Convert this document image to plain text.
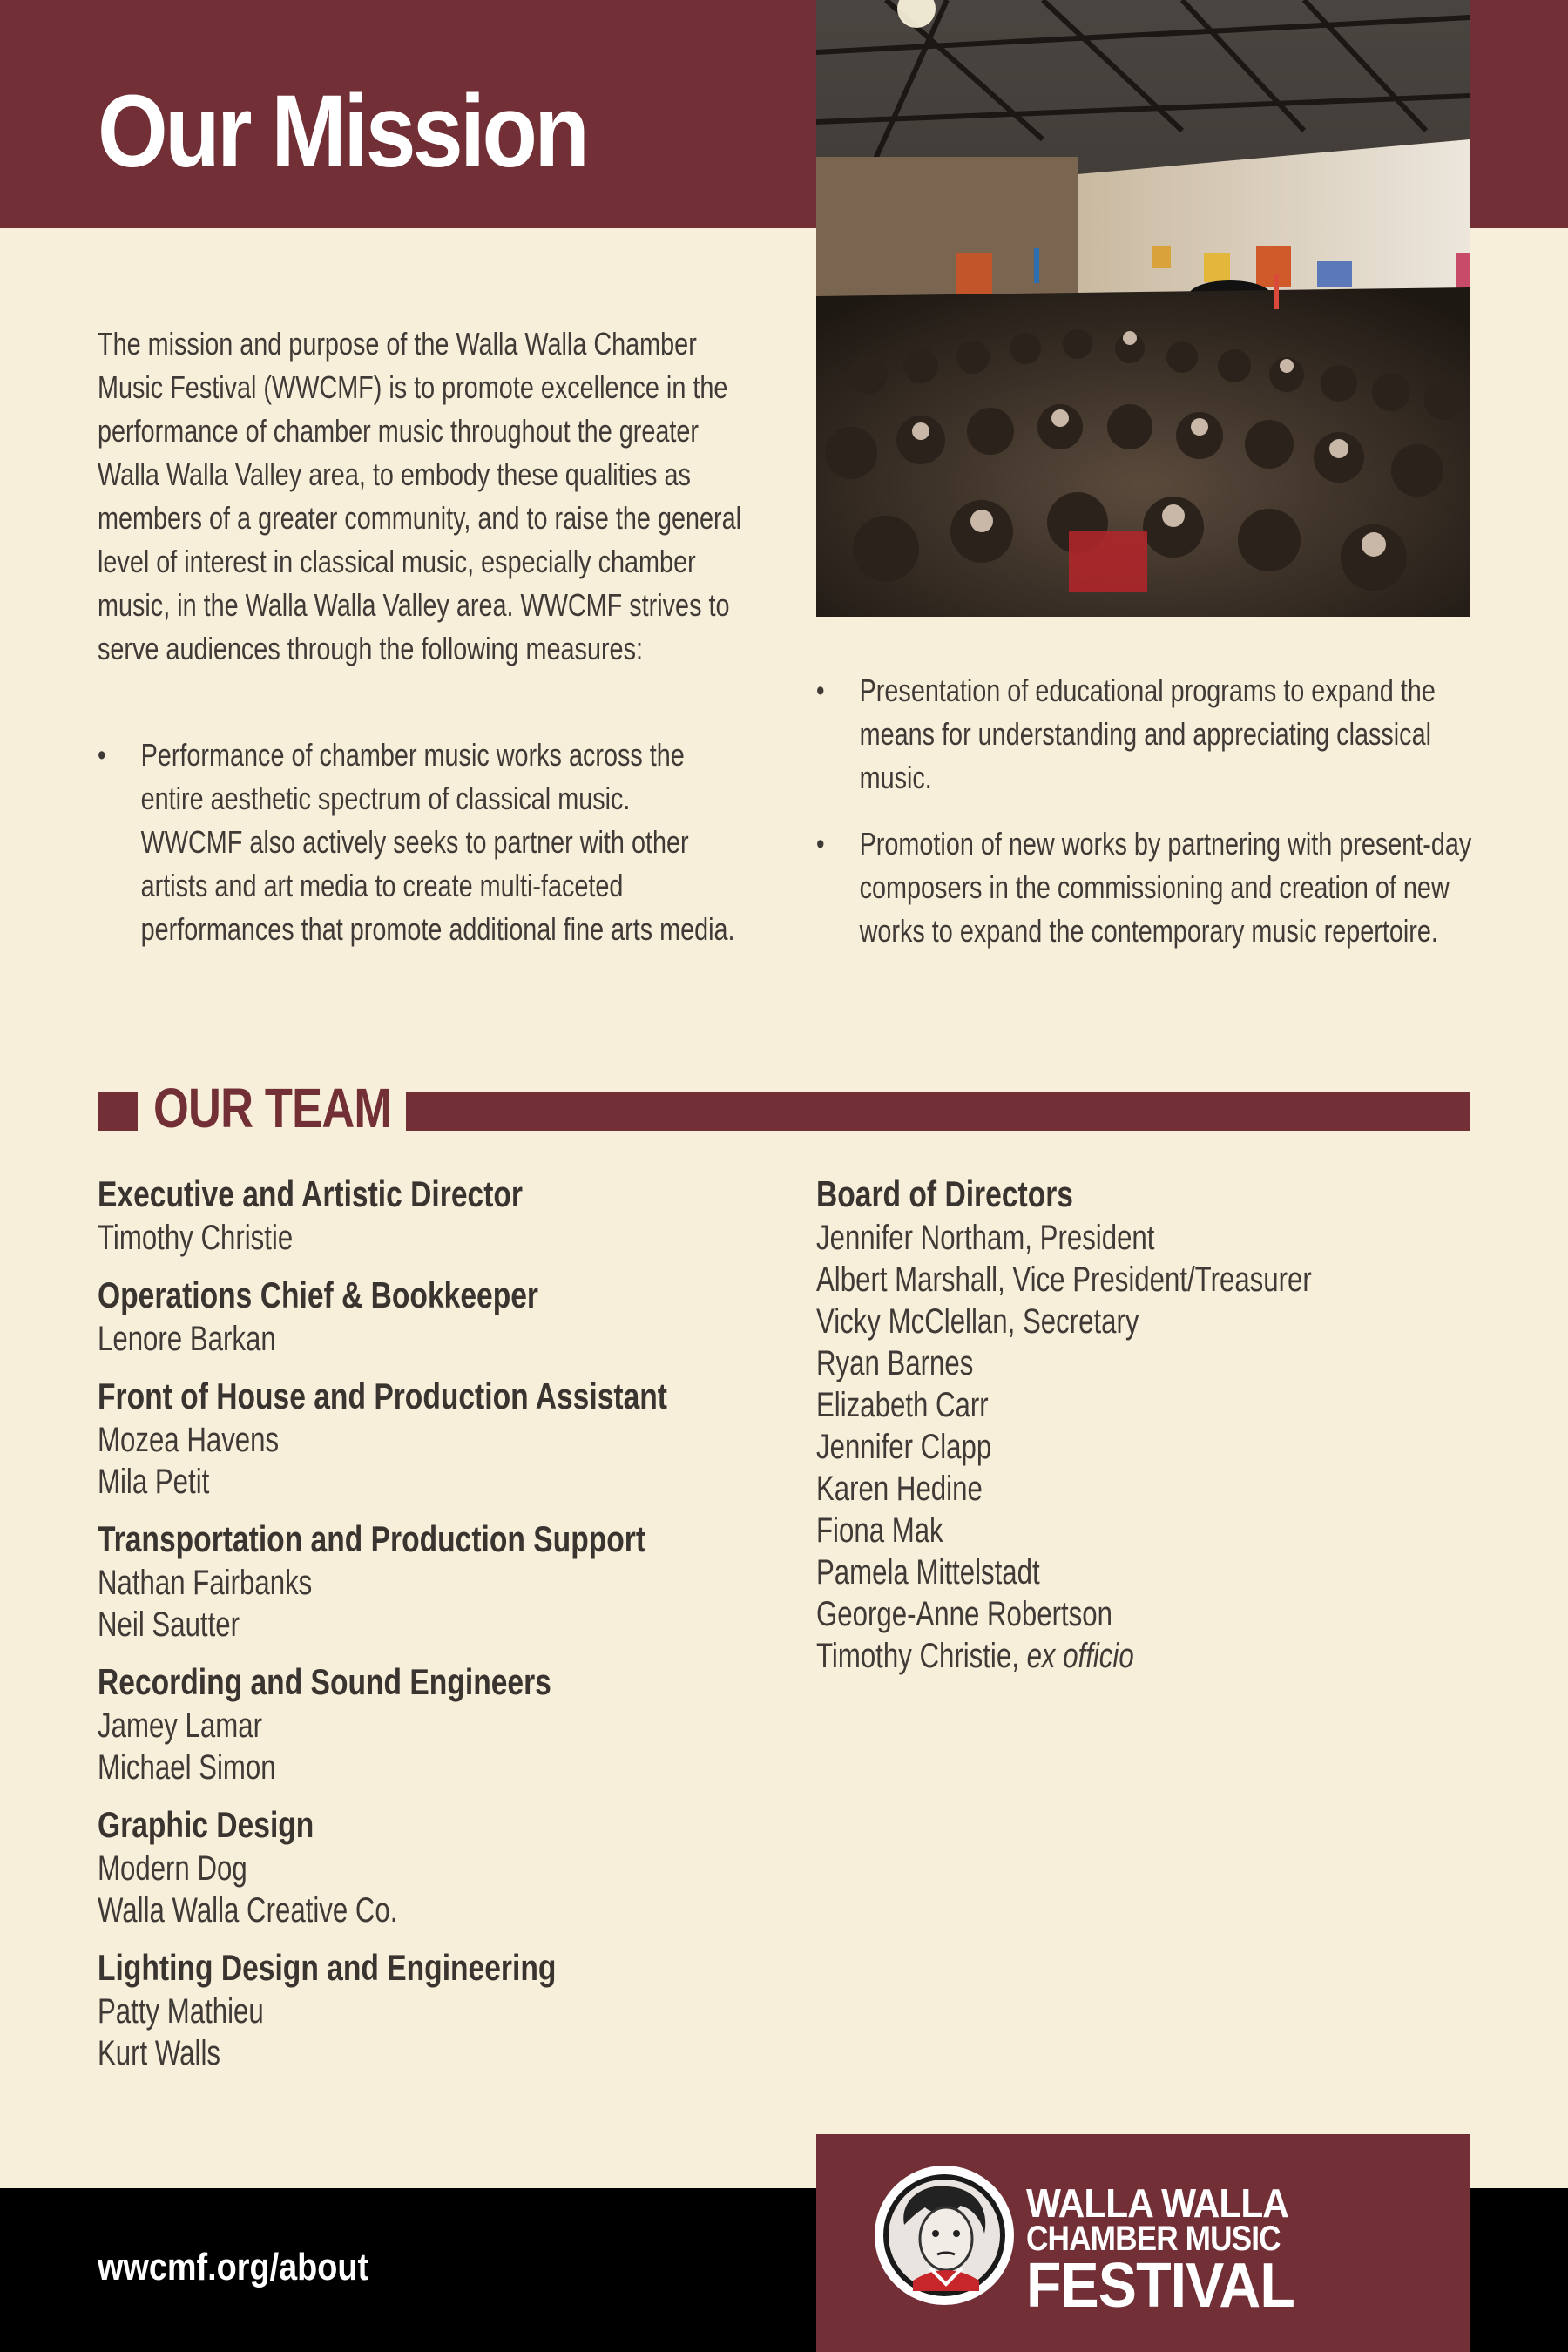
Our Mission

The mission and purpose of the Walla Walla Chamber Music Festival (WWCMF) is to promote excellence in the performance of chamber music throughout the greater Walla Walla Valley area, to embody these qualities as members of a greater community, and to raise the general level of interest in classical music, especially chamber music, in the Walla Walla Valley area. WWCMF strives to serve audiences through the following measures:

• Performance of chamber music works across the entire aesthetic spectrum of classical music. WWCMF also actively seeks to partner with other artists and art media to create multi-faceted performances that promote additional fine arts media.
• Presentation of educational programs to expand the means for understanding and appreciating classical music.
• Promotion of new works by partnering with present-day composers in the commissioning and creation of new works to expand the contemporary music repertoire.
OUR TEAM
Executive and Artistic Director
Timothy Christie
Operations Chief & Bookkeeper
Lenore Barkan
Front of House and Production Assistant
Mozea Havens
Mila Petit
Transportation and Production Support
Nathan Fairbanks
Neil Sautter
Recording and Sound Engineers
Jamey Lamar
Michael Simon
Graphic Design
Modern Dog
Walla Walla Creative Co.
Lighting Design and Engineering
Patty Mathieu
Kurt Walls
Board of Directors
Jennifer Northam, President
Albert Marshall, Vice President/Treasurer
Vicky McClellan, Secretary
Ryan Barnes
Elizabeth Carr
Jennifer Clapp
Karen Hedine
Fiona Mak
Pamela Mittelstadt
George-Anne Robertson
Timothy Christie, ex officio
wwcmf.org/about
WALLA WALLA
CHAMBER MUSIC
FESTIVAL
